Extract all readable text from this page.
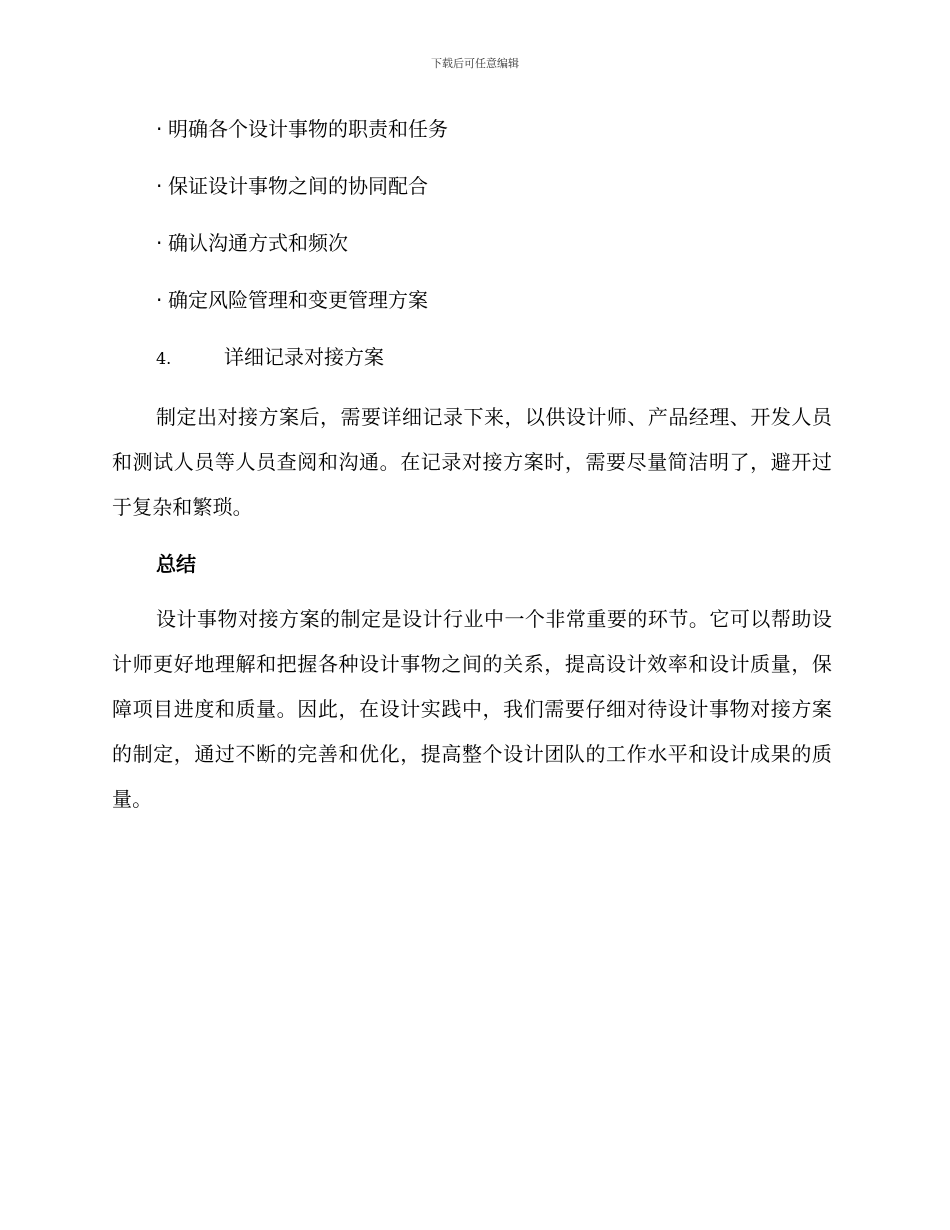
下载后可任意编辑
· 明确各个设计事物的职责和任务
· 保证设计事物之间的协同配合
· 确认沟通方式和频次
· 确定风险管理和变更管理方案
4.	详细记录对接方案

制定出对接方案后，需要详细记录下来，以供设计师、产品经理、开发人员和测试人员等人员查阅和沟通。在记录对接方案时，需要尽量简洁明了，避开过于复杂和繁琐。

总结

设计事物对接方案的制定是设计行业中一个非常重要的环节。它可以帮助设计师更好地理解和把握各种设计事物之间的关系，提高设计效率和设计质量，保障项目进度和质量。因此，在设计实践中，我们需要仔细对待设计事物对接方案的制定，通过不断的完善和优化，提高整个设计团队的工作水平和设计成果的质量。
